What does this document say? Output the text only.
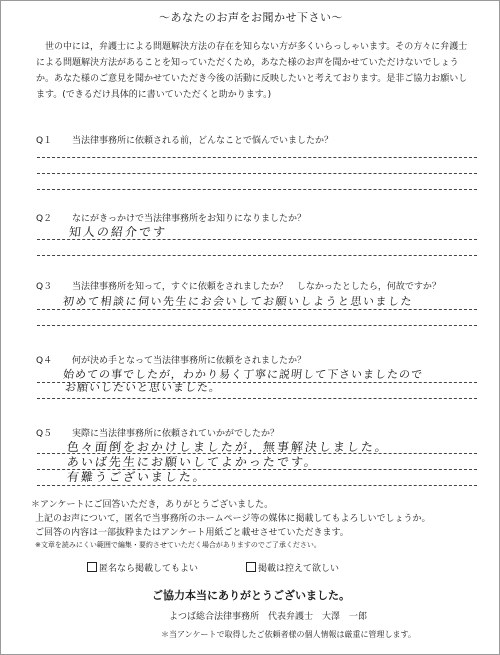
～あなたのお声をお聞かせ下さい～
　世の中には，弁護士による問題解決方法の存在を知らない方が多くいらっしゃいます。その方々に弁護士による問題解決方法があることを知っていただくため，あなた様のお声を聞かせていただけないでしょうか。あなた様のご意見を聞かせていただき今後の活動に反映したいと考えております。是非ご協力お願いします。(できるだけ具体的に書いていただくと助かります。)
Q１ 当法律事務所に依頼される前，どんなことで悩んでいましたか？
Q２ なにがきっかけで当法律事務所をお知りになりましたか？
知人の紹介です
Q３ 当法律事務所を知って，すぐに依頼をされましたか？　しなかったとしたら，何故ですか？
初めて相談に伺い先生にお会いしてお願いしようと思いました
Q４ 何が決め手となって当法律事務所に依頼をされましたか？
始めての事でしたが，わかり易く丁寧に説明して下さいましたので
お願いしたいと思いました。
Q５ 実際に当法律事務所に依頼されていかがでしたか？
色々面倒をおかけしましたが，無事解決しました。
あいば先生にお願いしてよかったです。
有難うございました。
＊アンケートにご回答いただき，ありがとうございました。
上記のお声について，匿名で当事務所のホームページ等の媒体に掲載してもよろしいでしょうか。
ご回答の内容は一部抜粋またはアンケート用紙ごと載せさせていただきます。
※文章を読みにくい範囲で編集・要約させていただく場合がありますのでご了承ください。
匿名なら掲載してもよい	掲載は控えて欲しい
ご協力本当にありがとうございました。
よつば総合法律事務所　代表弁護士　大澤　一郎
＊当アンケートで取得したご依頼者様の個人情報は厳重に管理します。
